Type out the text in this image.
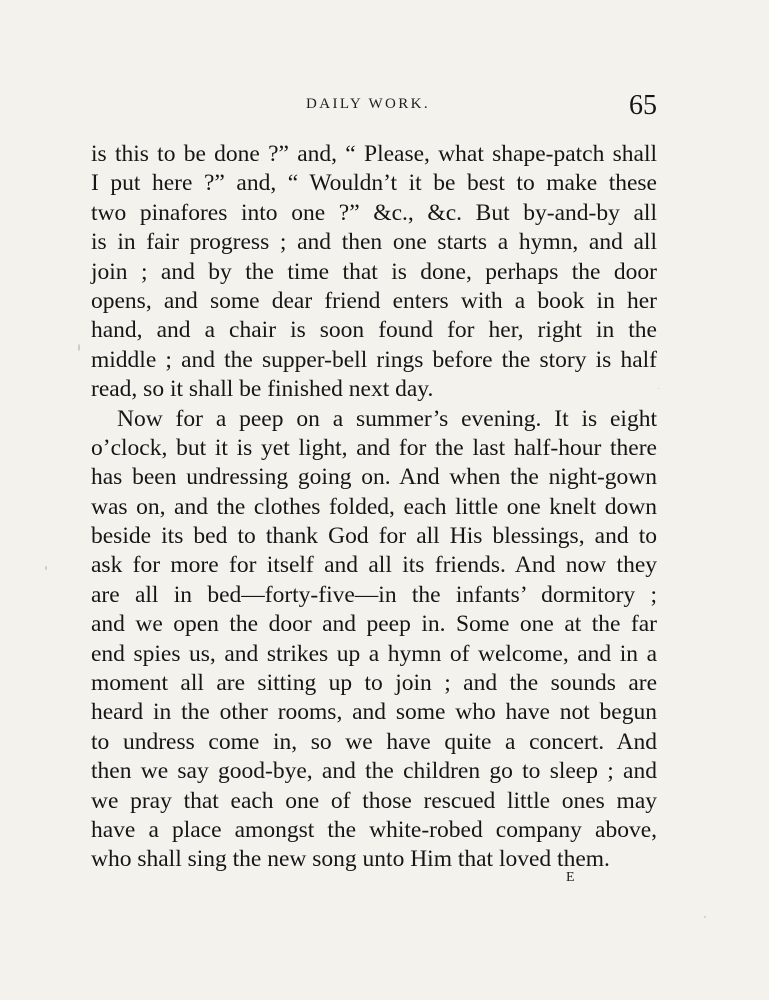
DAILY WORK.	65
is this to be done ?” and, “ Please, what shape-patch shall
I put here ?” and, “ Wouldn’t it be best to make these
two pinafores into one ?” &c., &c. But by-and-by all
is in fair progress ; and then one starts a hymn, and all
join ; and by the time that is done, perhaps the door
opens, and some dear friend enters with a book in her
hand, and a chair is soon found for her, right in the
middle ; and the supper-bell rings before the story is half
read, so it shall be finished next day.
Now for a peep on a summer’s evening. It is eight
o’clock, but it is yet light, and for the last half-hour there
has been undressing going on. And when the night-gown
was on, and the clothes folded, each little one knelt down
beside its bed to thank God for all His blessings, and to
ask for more for itself and all its friends. And now they
are all in bed—forty-five—in the infants’ dormitory ;
and we open the door and peep in. Some one at the far
end spies us, and strikes up a hymn of welcome, and in a
moment all are sitting up to join ; and the sounds are
heard in the other rooms, and some who have not begun
to undress come in, so we have quite a concert. And
then we say good-bye, and the children go to sleep ; and
we pray that each one of those rescued little ones may
have a place amongst the white-robed company above,
who shall sing the new song unto Him that loved them.
E
